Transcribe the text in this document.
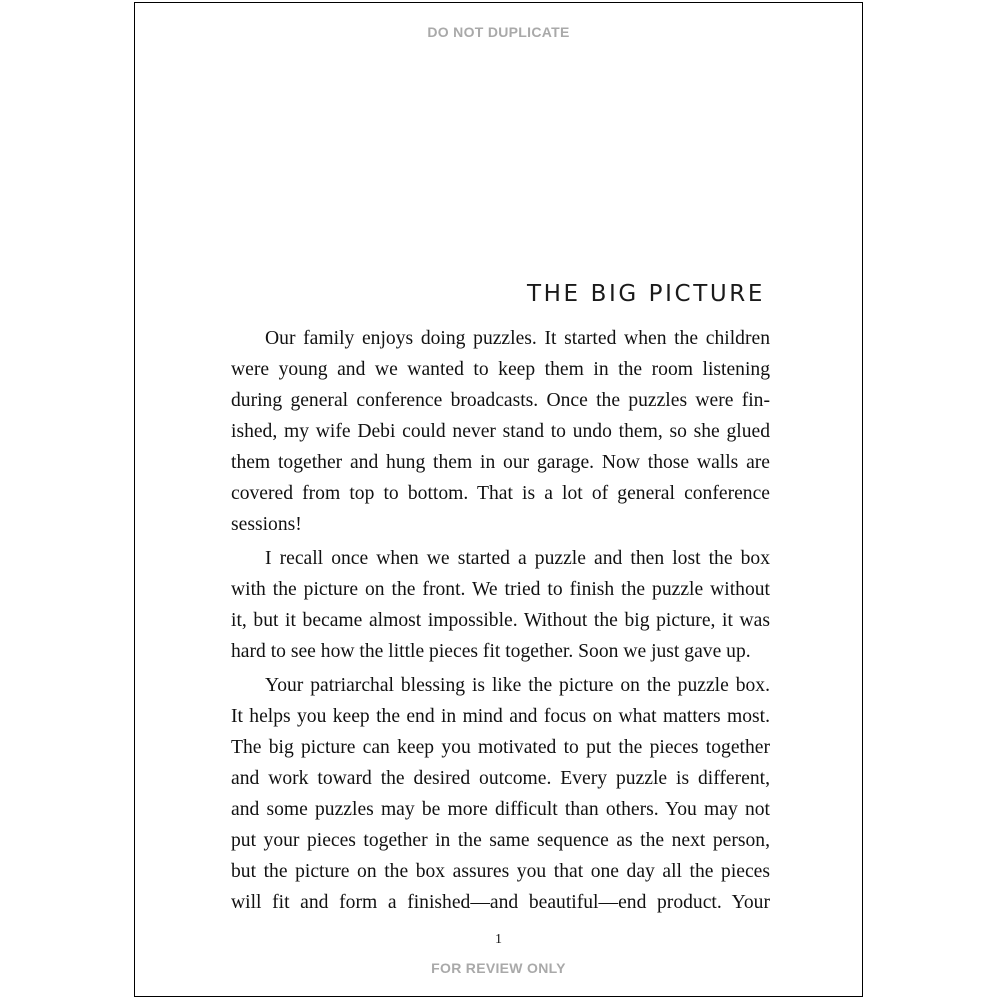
DO NOT DUPLICATE
THE BIG PICTURE
Our family enjoys doing puzzles. It started when the children
were young and we wanted to keep them in the room listening
during general conference broadcasts. Once the puzzles were fin-
ished, my wife Debi could never stand to undo them, so she glued
them together and hung them in our garage. Now those walls are
covered from top to bottom. That is a lot of general conference
sessions!
I recall once when we started a puzzle and then lost the box
with the picture on the front. We tried to finish the puzzle without
it, but it became almost impossible. Without the big picture, it was
hard to see how the little pieces fit together. Soon we just gave up.
Your patriarchal blessing is like the picture on the puzzle box.
It helps you keep the end in mind and focus on what matters most.
The big picture can keep you motivated to put the pieces together
and work toward the desired outcome. Every puzzle is different,
and some puzzles may be more difficult than others. You may not
put your pieces together in the same sequence as the next person,
but the picture on the box assures you that one day all the pieces
will fit and form a finished—and beautiful—end product. Your
1
FOR REVIEW ONLY
